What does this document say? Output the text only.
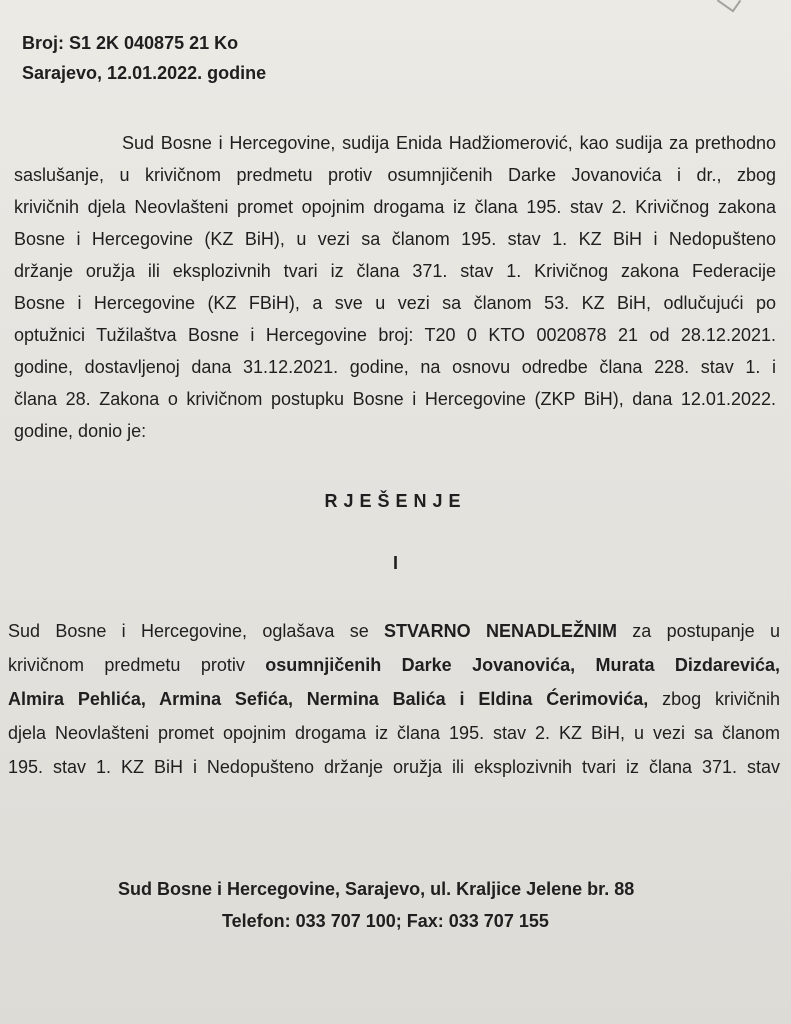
Broj: S1 2K 040875 21 Ko
Sarajevo, 12.01.2022. godine
Sud Bosne i Hercegovine, sudija Enida Hadžiomerović, kao sudija za prethodno
saslušanje, u krivičnom predmetu protiv osumnjičenih Darke Jovanovića i dr., zbog
krivičnih djela Neovlašteni promet opojnim drogama iz člana 195. stav 2. Krivičnog zakona
Bosne i Hercegovine (KZ BiH), u vezi sa članom 195. stav 1. KZ BiH i Nedopušteno
držanje oružja ili eksplozivnih tvari iz člana 371. stav 1. Krivičnog zakona Federacije
Bosne i Hercegovine (KZ FBiH), a sve u vezi sa članom 53. KZ BiH, odlučujući po
optužnici Tužilaštva Bosne i Hercegovine broj: T20 0 KTO 0020878 21 od 28.12.2021.
godine, dostavljenoj dana 31.12.2021. godine, na osnovu odredbe člana 228. stav 1. i
člana 28. Zakona o krivičnom postupku Bosne i Hercegovine (ZKP BiH), dana 12.01.2022.
godine, donio je:
RJEŠENJE
I
Sud Bosne i Hercegovine, oglašava se STVARNO NENADLEŽNIM za postupanje u
krivičnom predmetu protiv osumnjičenih Darke Jovanovića, Murata Dizdarevića,
Almira Pehlića, Armina Sefića, Nermina Balića i Eldina Ćerimovića, zbog krivičnih
djela Neovlašteni promet opojnim drogama iz člana 195. stav 2. KZ BiH, u vezi sa članom
195. stav 1. KZ BiH i Nedopušteno držanje oružja ili eksplozivnih tvari iz člana 371. stav
Sud Bosne i Hercegovine, Sarajevo, ul. Kraljice Jelene br. 88
Telefon: 033 707 100; Fax: 033 707 155
